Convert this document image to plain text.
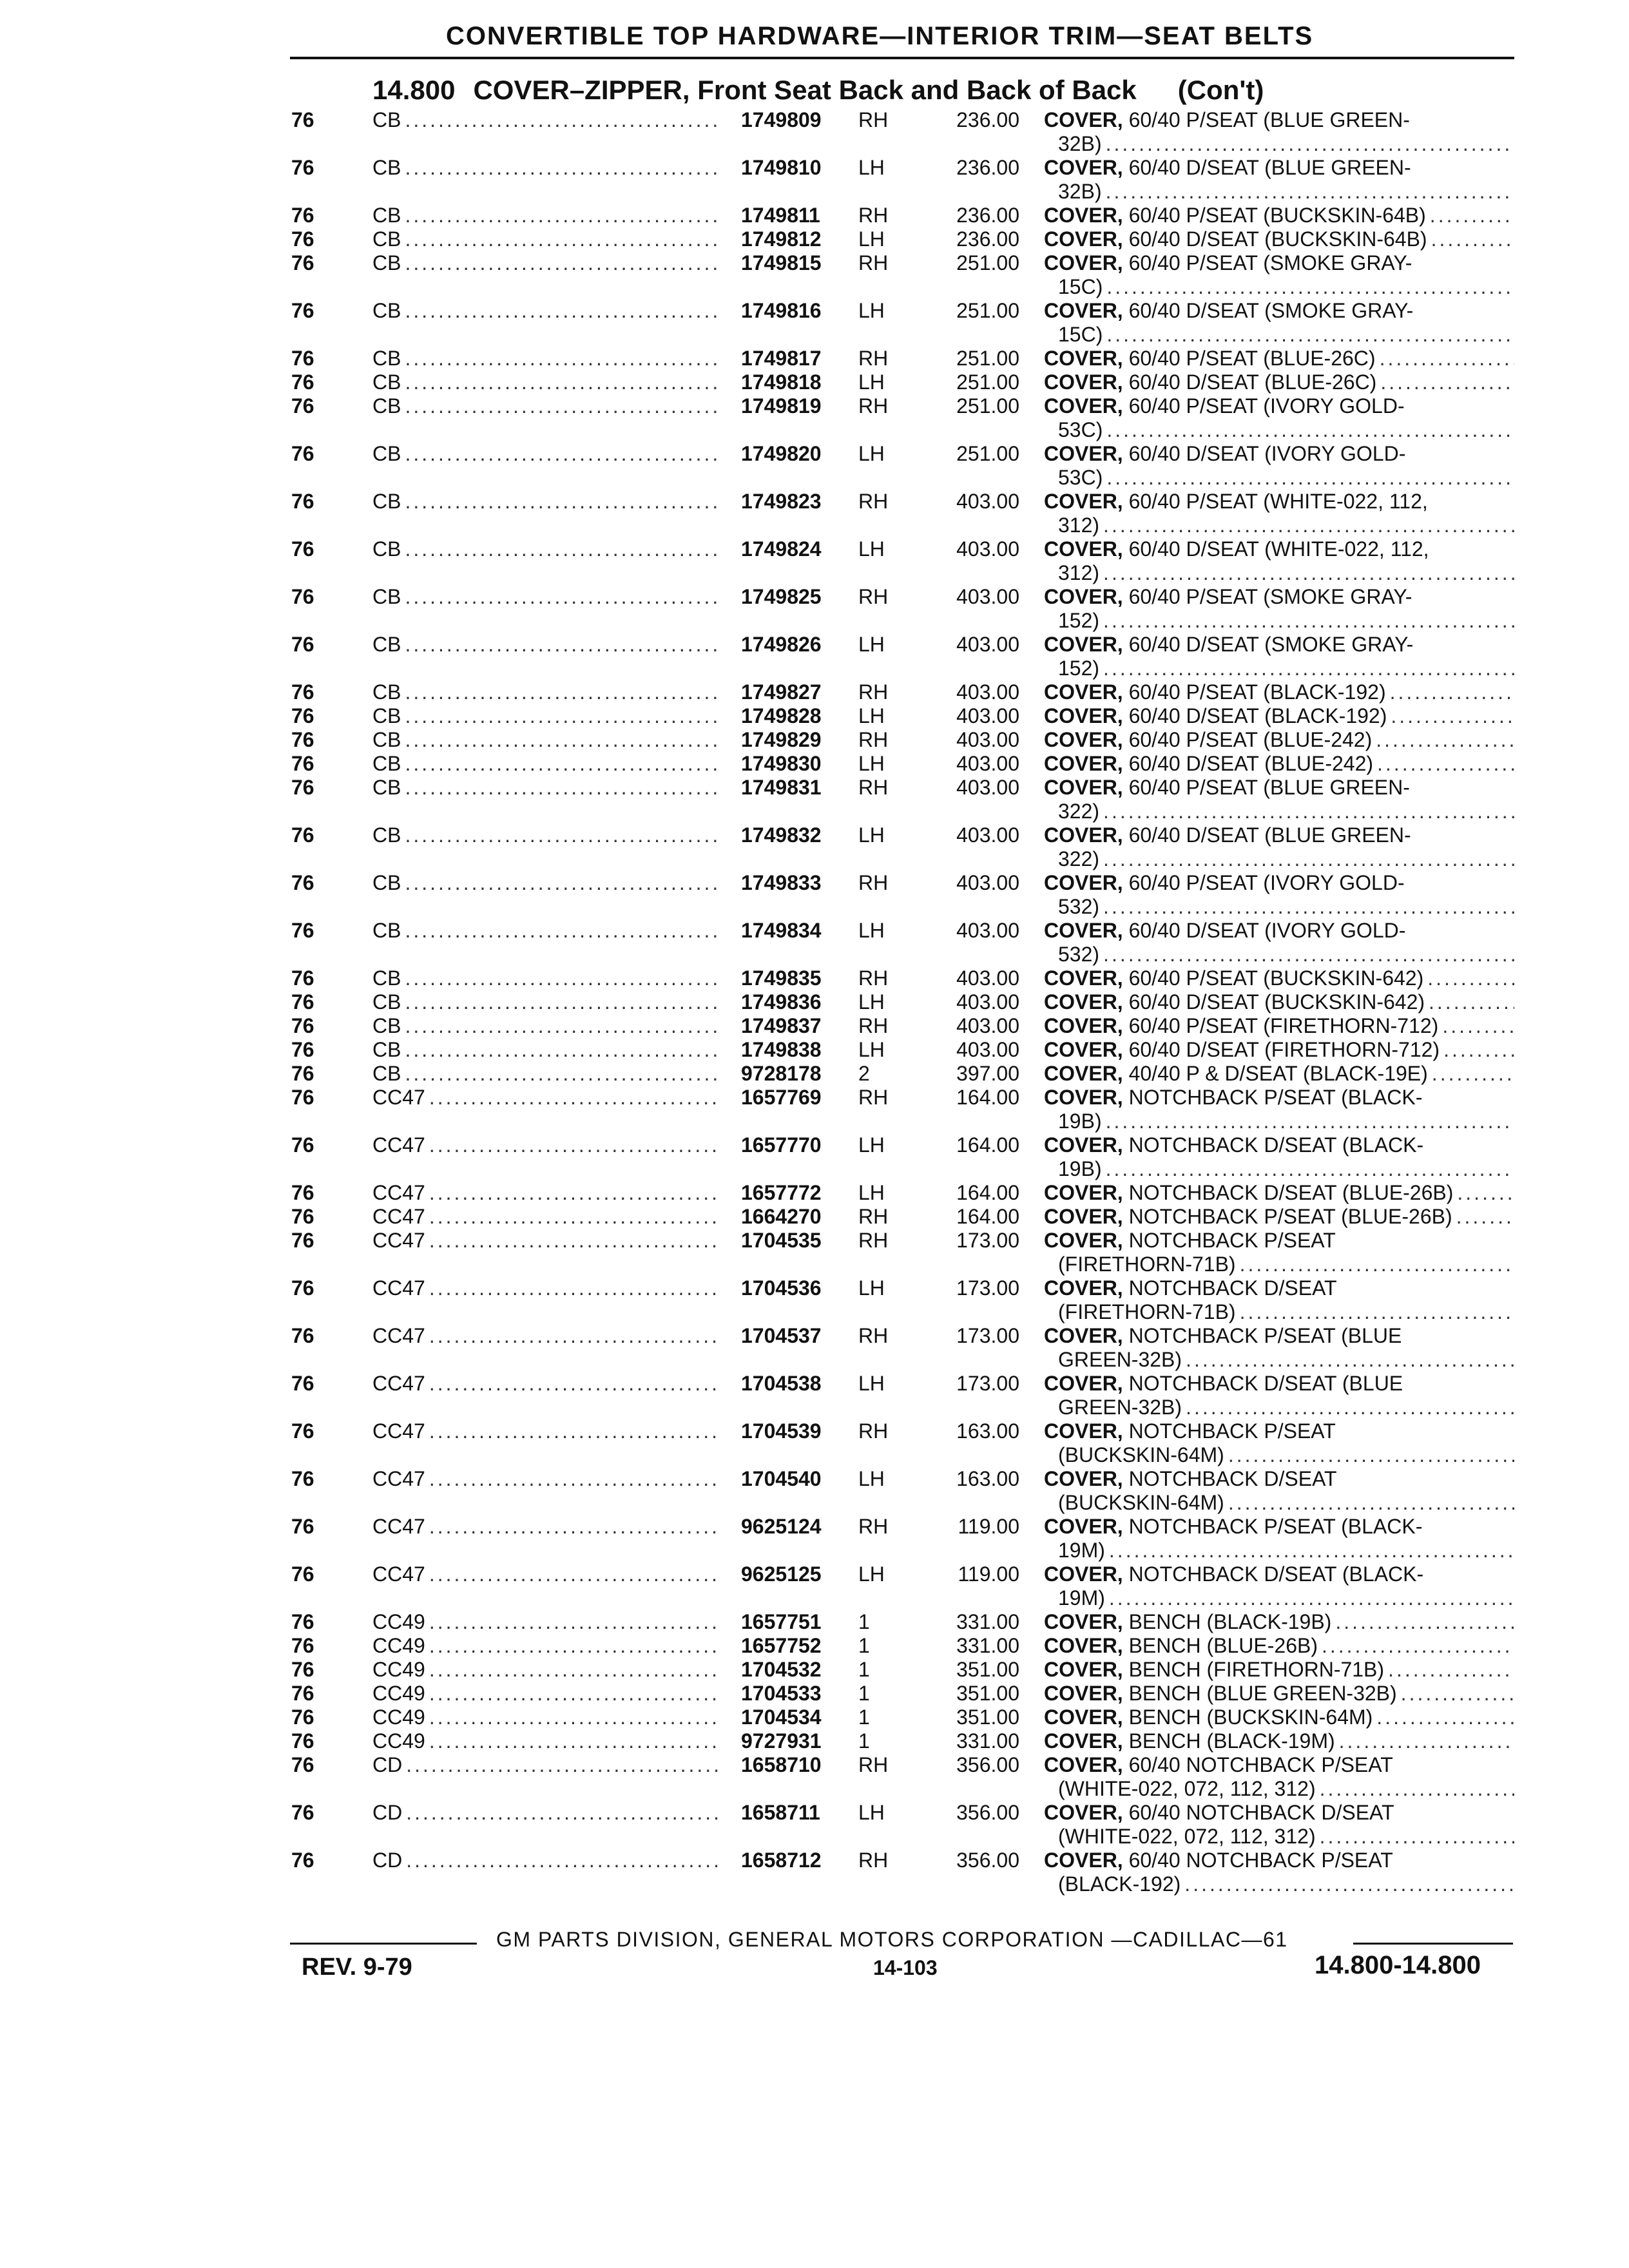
CONVERTIBLE TOP HARDWARE—INTERIOR TRIM—SEAT BELTS
14.800 COVER–ZIPPER, Front Seat Back and Back of Back (Con't)
76	CB .....	1749809	RH	236.00 COVER, 60/40 P/SEAT (BLUE GREEN-
32B)
.....
76	CB .....	1749810	LH	236.00 COVER, 60/40 D/SEAT (BLUE GREEN-
32B)
.....
76	CB .....	1749811	RH	236.00 COVER, 60/40 P/SEAT (BUCKSKIN-64B)
.....
76	CB .....	1749812	LH	236.00 COVER, 60/40 D/SEAT (BUCKSKIN-64B)
.....
76	CB .....	1749815	RH	251.00 COVER, 60/40 P/SEAT (SMOKE GRAY-
15C)
.....
76	CB .....	1749816	LH	251.00 COVER, 60/40 D/SEAT (SMOKE GRAY-
15C)
.....
76	CB .....	1749817	RH	251.00 COVER, 60/40 P/SEAT (BLUE-26C)
.....
76	CB .....	1749818	LH	251.00 COVER, 60/40 D/SEAT (BLUE-26C)
.....
76	CB .....	1749819	RH	251.00 COVER, 60/40 P/SEAT (IVORY GOLD-
53C)
.....
76	CB .....	1749820	LH	251.00 COVER, 60/40 D/SEAT (IVORY GOLD-
53C)
.....
76	CB .....	1749823	RH	403.00 COVER, 60/40 P/SEAT (WHITE-022, 112,
312)
.....
76	CB .....	1749824	LH	403.00 COVER, 60/40 D/SEAT (WHITE-022, 112,
312)
.....
76	CB .....	1749825	RH	403.00 COVER, 60/40 P/SEAT (SMOKE GRAY-
152)
.....
76	CB .....	1749826	LH	403.00 COVER, 60/40 D/SEAT (SMOKE GRAY-
152)
.....
76	CB .....	1749827	RH	403.00 COVER, 60/40 P/SEAT (BLACK-192)
.....
76	CB .....	1749828	LH	403.00 COVER, 60/40 D/SEAT (BLACK-192)
.....
76	CB .....	1749829	RH	403.00 COVER, 60/40 P/SEAT (BLUE-242)
.....
76	CB .....	1749830	LH	403.00 COVER, 60/40 D/SEAT (BLUE-242)
.....
76	CB .....	1749831	RH	403.00 COVER, 60/40 P/SEAT (BLUE GREEN-
322)
.....
76	CB .....	1749832	LH	403.00 COVER, 60/40 D/SEAT (BLUE GREEN-
322)
.....
76	CB .....	1749833	RH	403.00 COVER, 60/40 P/SEAT (IVORY GOLD-
532)
.....
76	CB .....	1749834	LH	403.00 COVER, 60/40 D/SEAT (IVORY GOLD-
532)
.....
76	CB .....	1749835	RH	403.00 COVER, 60/40 P/SEAT (BUCKSKIN-642)
.....
76	CB .....	1749836	LH	403.00 COVER, 60/40 D/SEAT (BUCKSKIN-642)
.....
76	CB .....	1749837	RH	403.00 COVER, 60/40 P/SEAT (FIRETHORN-712)
.....
76	CB .....	1749838	LH	403.00 COVER, 60/40 D/SEAT (FIRETHORN-712)
.....
76	CB .....	9728178	2	397.00 COVER, 40/40 P & D/SEAT (BLACK-19E)
.....
76	CC47 .....	1657769	RH	164.00 COVER, NOTCHBACK P/SEAT (BLACK-
19B)
.....
76	CC47 .....	1657770	LH	164.00 COVER, NOTCHBACK D/SEAT (BLACK-
19B)
.....
76	CC47 .....	1657772	LH	164.00 COVER, NOTCHBACK D/SEAT (BLUE-26B)
.....
76	CC47 .....	1664270	RH	164.00 COVER, NOTCHBACK P/SEAT (BLUE-26B)
.....
76	CC47 .....	1704535	RH	173.00 COVER, NOTCHBACK P/SEAT
(FIRETHORN-71B)
.....
76	CC47 .....	1704536	LH	173.00 COVER, NOTCHBACK D/SEAT
(FIRETHORN-71B)
.....
76	CC47 .....	1704537	RH	173.00 COVER, NOTCHBACK P/SEAT (BLUE
GREEN-32B)
.....
76	CC47 .....	1704538	LH	173.00 COVER, NOTCHBACK D/SEAT (BLUE
GREEN-32B)
.....
76	CC47 .....	1704539	RH	163.00 COVER, NOTCHBACK P/SEAT
(BUCKSKIN-64M)
.....
76	CC47 .....	1704540	LH	163.00 COVER, NOTCHBACK D/SEAT
(BUCKSKIN-64M)
.....
76	CC47 .....	9625124	RH	119.00 COVER, NOTCHBACK P/SEAT (BLACK-
19M)
.....
76	CC47 .....	9625125	LH	119.00 COVER, NOTCHBACK D/SEAT (BLACK-
19M)
.....
76	CC49 .....	1657751	1	331.00 COVER, BENCH (BLACK-19B)
.....
76	CC49 .....	1657752	1	331.00 COVER, BENCH (BLUE-26B)
.....
76	CC49 .....	1704532	1	351.00 COVER, BENCH (FIRETHORN-71B)
.....
76	CC49 .....	1704533	1	351.00 COVER, BENCH (BLUE GREEN-32B)
.....
76	CC49 .....	1704534	1	351.00 COVER, BENCH (BUCKSKIN-64M)
.....
76	CC49 .....	9727931	1	331.00 COVER, BENCH (BLACK-19M)
.....
76	CD .....	1658710	RH	356.00 COVER, 60/40 NOTCHBACK P/SEAT
(WHITE-022, 072, 112, 312)
.....
76	CD .....	1658711	LH	356.00 COVER, 60/40 NOTCHBACK D/SEAT
(WHITE-022, 072, 112, 312)
.....
76	CD .....	1658712	RH	356.00 COVER, 60/40 NOTCHBACK P/SEAT
(BLACK-192)
.....
GM PARTS DIVISION, GENERAL MOTORS CORPORATION —CADILLAC—61
REV. 9-79	14-103	14.800-14.800
